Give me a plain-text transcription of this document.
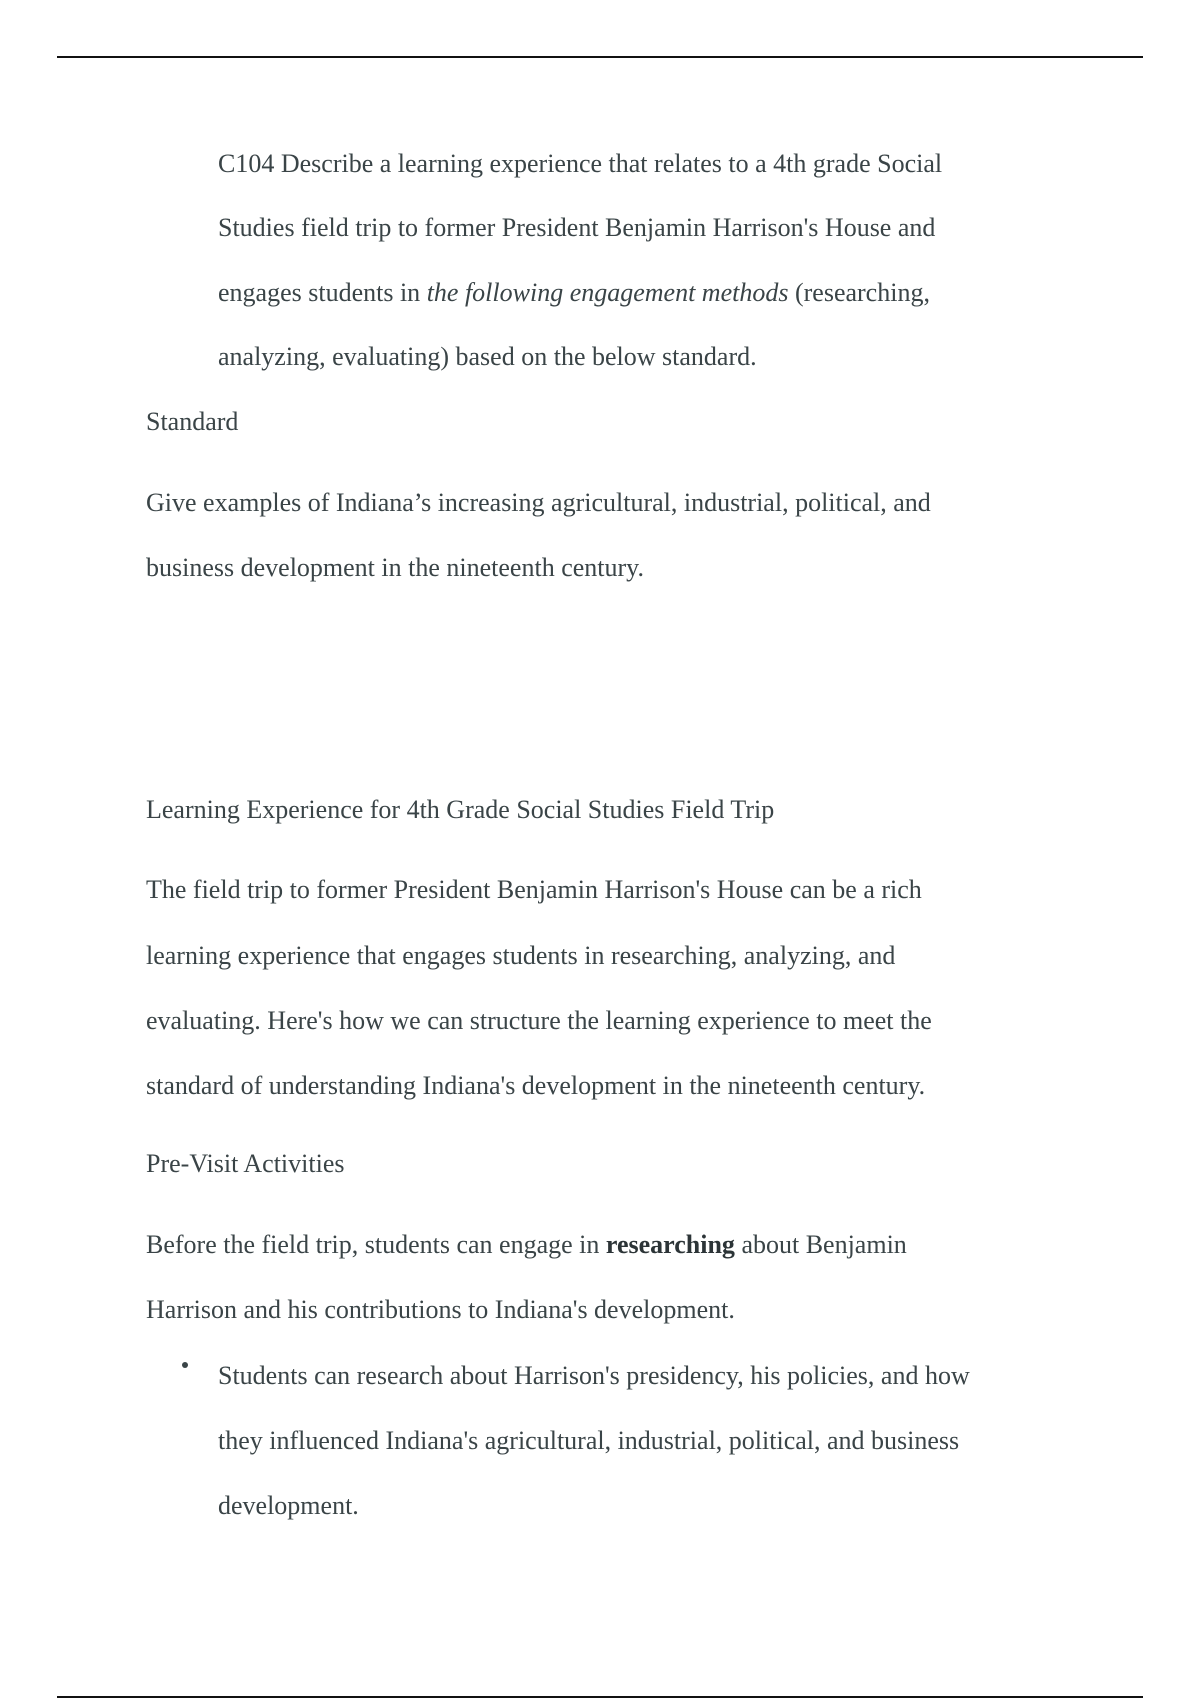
C104 Describe a learning experience that relates to a 4th grade Social
Studies field trip to former President Benjamin Harrison's House and
engages students in the following engagement methods (researching,
analyzing, evaluating) based on the below standard.
Standard
Give examples of Indiana’s increasing agricultural, industrial, political, and
business development in the nineteenth century.
Learning Experience for 4th Grade Social Studies Field Trip
The field trip to former President Benjamin Harrison's House can be a rich
learning experience that engages students in researching, analyzing, and
evaluating. Here's how we can structure the learning experience to meet the
standard of understanding Indiana's development in the nineteenth century.
Pre-Visit Activities
Before the field trip, students can engage in researching about Benjamin
Harrison and his contributions to Indiana's development.
Students can research about Harrison's presidency, his policies, and how
they influenced Indiana's agricultural, industrial, political, and business
development.
